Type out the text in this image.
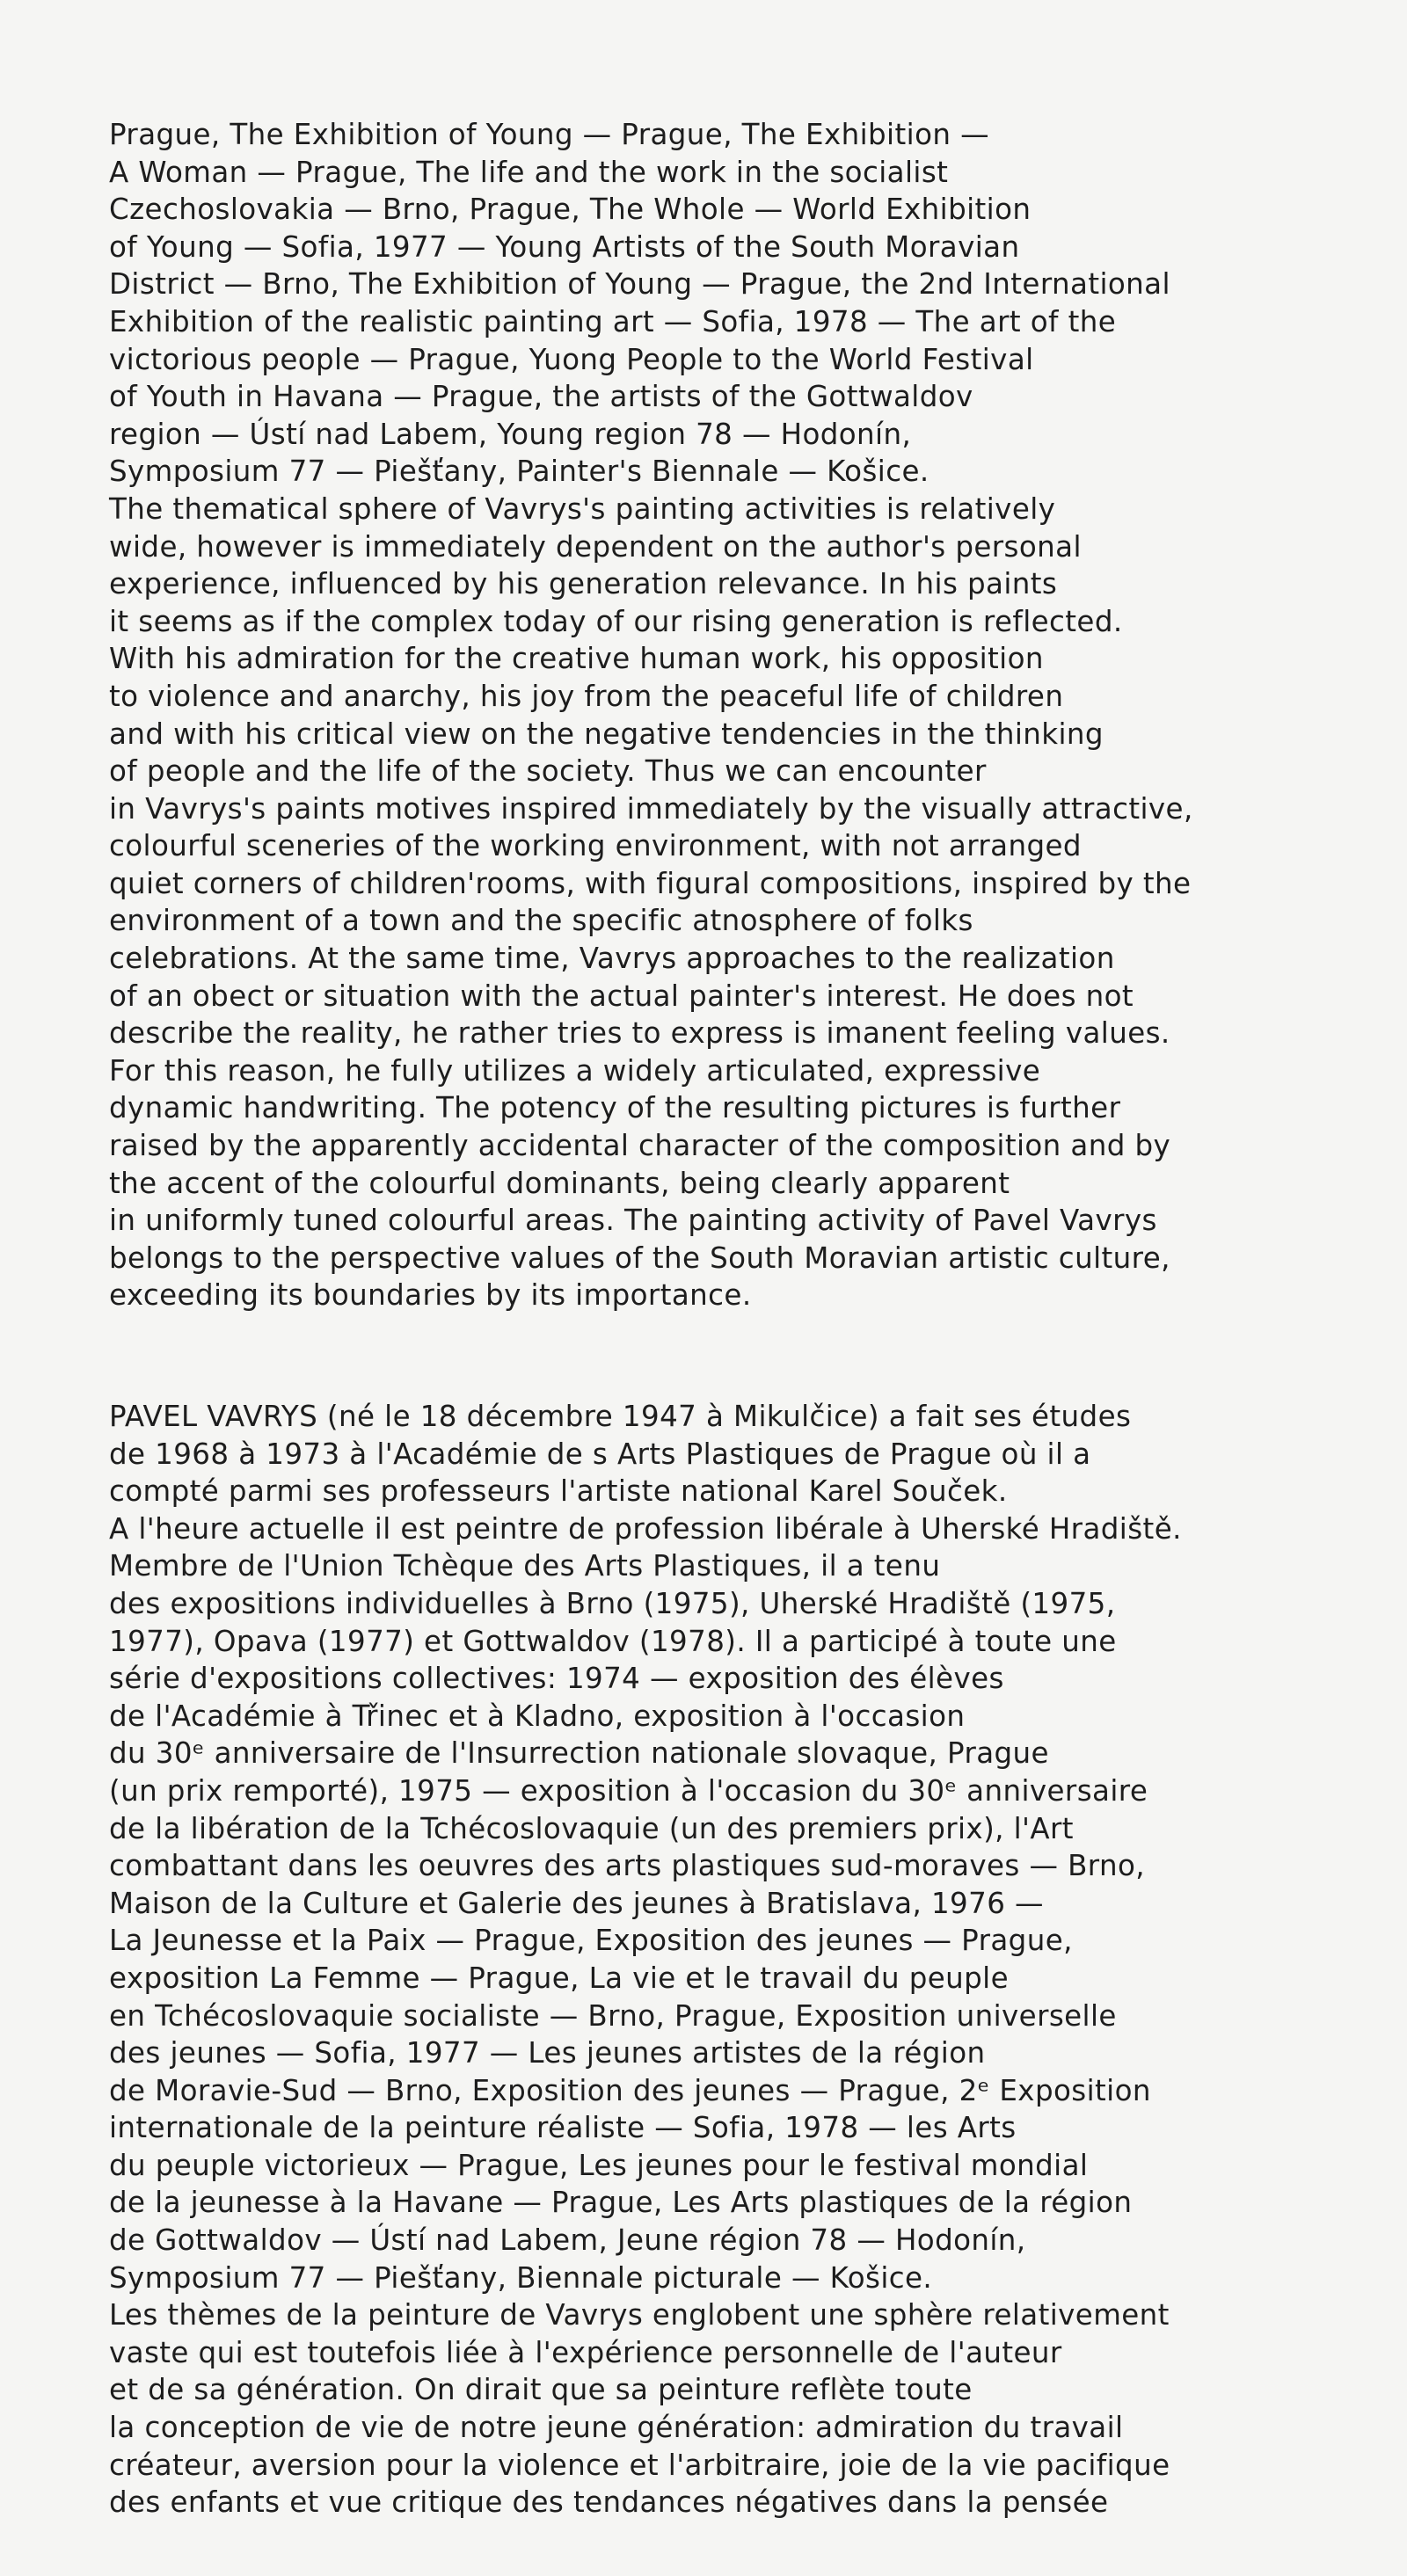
Prague, The Exhibition of Young — Prague, The Exhibition —
A Woman — Prague, The life and the work in the socialist
Czechoslovakia — Brno, Prague, The Whole — World Exhibition
of Young — Sofia, 1977 — Young Artists of the South Moravian
District — Brno, The Exhibition of Young — Prague, the 2nd International
Exhibition of the realistic painting art — Sofia, 1978 — The art of the
victorious people — Prague, Yuong People to the World Festival
of Youth in Havana — Prague, the artists of the Gottwaldov
region — Ústí nad Labem, Young region 78 — Hodonín,
Symposium 77 — Piešťany, Painter's Biennale — Košice.
The thematical sphere of Vavrys's painting activities is relatively
wide, however is immediately dependent on the author's personal
experience, influenced by his generation relevance. In his paints
it seems as if the complex today of our rising generation is reflected.
With his admiration for the creative human work, his opposition
to violence and anarchy, his joy from the peaceful life of children
and with his critical view on the negative tendencies in the thinking
of people and the life of the society. Thus we can encounter
in Vavrys's paints motives inspired immediately by the visually attractive,
colourful sceneries of the working environment, with not arranged
quiet corners of children'rooms, with figural compositions, inspired by the
environment of a town and the specific atnosphere of folks
celebrations. At the same time, Vavrys approaches to the realization
of an obect or situation with the actual painter's interest. He does not
describe the reality, he rather tries to express is imanent feeling values.
For this reason, he fully utilizes a widely articulated, expressive
dynamic handwriting. The potency of the resulting pictures is further
raised by the apparently accidental character of the composition and by
the accent of the colourful dominants, being clearly apparent
in uniformly tuned colourful areas. The painting activity of Pavel Vavrys
belongs to the perspective values of the South Moravian artistic culture,
exceeding its boundaries by its importance.
PAVEL VAVRYS (né le 18 décembre 1947 à Mikulčice) a fait ses études
de 1968 à 1973 à l'Académie de s Arts Plastiques de Prague où il a
compté parmi ses professeurs l'artiste national Karel Souček.
A l'heure actuelle il est peintre de profession libérale à Uherské Hradiště.
Membre de l'Union Tchèque des Arts Plastiques, il a tenu
des expositions individuelles à Brno (1975), Uherské Hradiště (1975,
1977), Opava (1977) et Gottwaldov (1978). Il a participé à toute une
série d'expositions collectives: 1974 — exposition des élèves
de l'Académie à Třinec et à Kladno, exposition à l'occasion
du 30ᵉ anniversaire de l'Insurrection nationale slovaque, Prague
(un prix remporté), 1975 — exposition à l'occasion du 30ᵉ anniversaire
de la libération de la Tchécoslovaquie (un des premiers prix), l'Art
combattant dans les oeuvres des arts plastiques sud-moraves — Brno,
Maison de la Culture et Galerie des jeunes à Bratislava, 1976 —
La Jeunesse et la Paix — Prague, Exposition des jeunes — Prague,
exposition La Femme — Prague, La vie et le travail du peuple
en Tchécoslovaquie socialiste — Brno, Prague, Exposition universelle
des jeunes — Sofia, 1977 — Les jeunes artistes de la région
de Moravie-Sud — Brno, Exposition des jeunes — Prague, 2ᵉ Exposition
internationale de la peinture réaliste — Sofia, 1978 — les Arts
du peuple victorieux — Prague, Les jeunes pour le festival mondial
de la jeunesse à la Havane — Prague, Les Arts plastiques de la région
de Gottwaldov — Ústí nad Labem, Jeune région 78 — Hodonín,
Symposium 77 — Piešťany, Biennale picturale — Košice.
Les thèmes de la peinture de Vavrys englobent une sphère relativement
vaste qui est toutefois liée à l'expérience personnelle de l'auteur
et de sa génération. On dirait que sa peinture reflète toute
la conception de vie de notre jeune génération: admiration du travail
créateur, aversion pour la violence et l'arbitraire, joie de la vie pacifique
des enfants et vue critique des tendances négatives dans la pensée
